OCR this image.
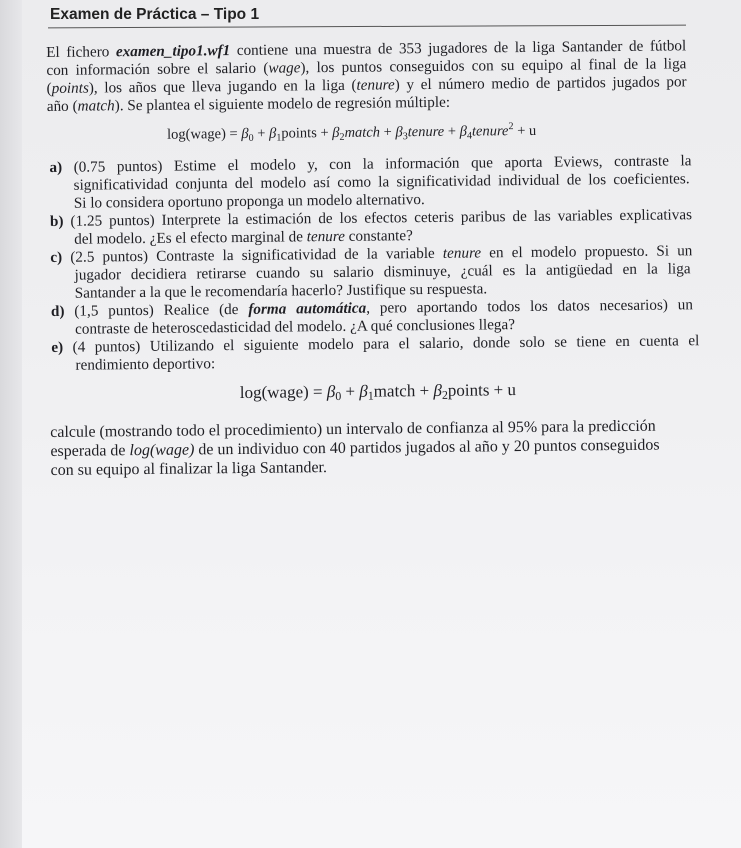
Examen de Práctica – Tipo 1
El fichero examen_tipo1.wf1 contiene una muestra de 353 jugadores de la liga Santander de fútbol
con información sobre el salario (wage), los puntos conseguidos con su equipo al final de la liga
(points), los años que lleva jugando en la liga (tenure) y el número medio de partidos jugados por
año (match). Se plantea el siguiente modelo de regresión múltiple:
log(wage) = $\beta_0$ + $\beta_1points$ + $\beta_2match$ + $\beta_3tenure$ + $\beta_4tenure^2 + u$
a) (0.75 puntos) Estime el modelo y, con la información que aporta Eviews, contraste la
significatividad conjunta del modelo así como la significatividad individual de los coeficientes.
Si lo considera oportuno proponga un modelo alternativo.
b) (1.25 puntos) Interprete la estimación de los efectos ceteris paribus de las variables explicativas
del modelo. ¿Es el efecto marginal de tenure constante?
c) (2.5 puntos) Contraste la significatividad de la variable tenure en el modelo propuesto. Si un
jugador decidiera retirarse cuando su salario disminuye, ¿cuál es la antigüedad en la liga
Santander a la que le recomendaría hacerlo? Justifique su respuesta.
d) (1,5 puntos) Realice (de forma automática, pero aportando todos los datos necesarios) un
contraste de heteroscedasticidad del modelo. ¿A qué conclusiones llega?
e) (4 puntos) Utilizando el siguiente modelo para el salario, donde solo se tiene en cuenta el
rendimiento deportivo:
log(wage) = $\beta_0$ + $\beta_1match$ + $\beta_2points + u$
calcule (mostrando todo el procedimiento) un intervalo de confianza al 95% para la predicción
esperada de log(wage) de un individuo con 40 partidos jugados al año y 20 puntos conseguidos
con su equipo al finalizar la liga Santander.
